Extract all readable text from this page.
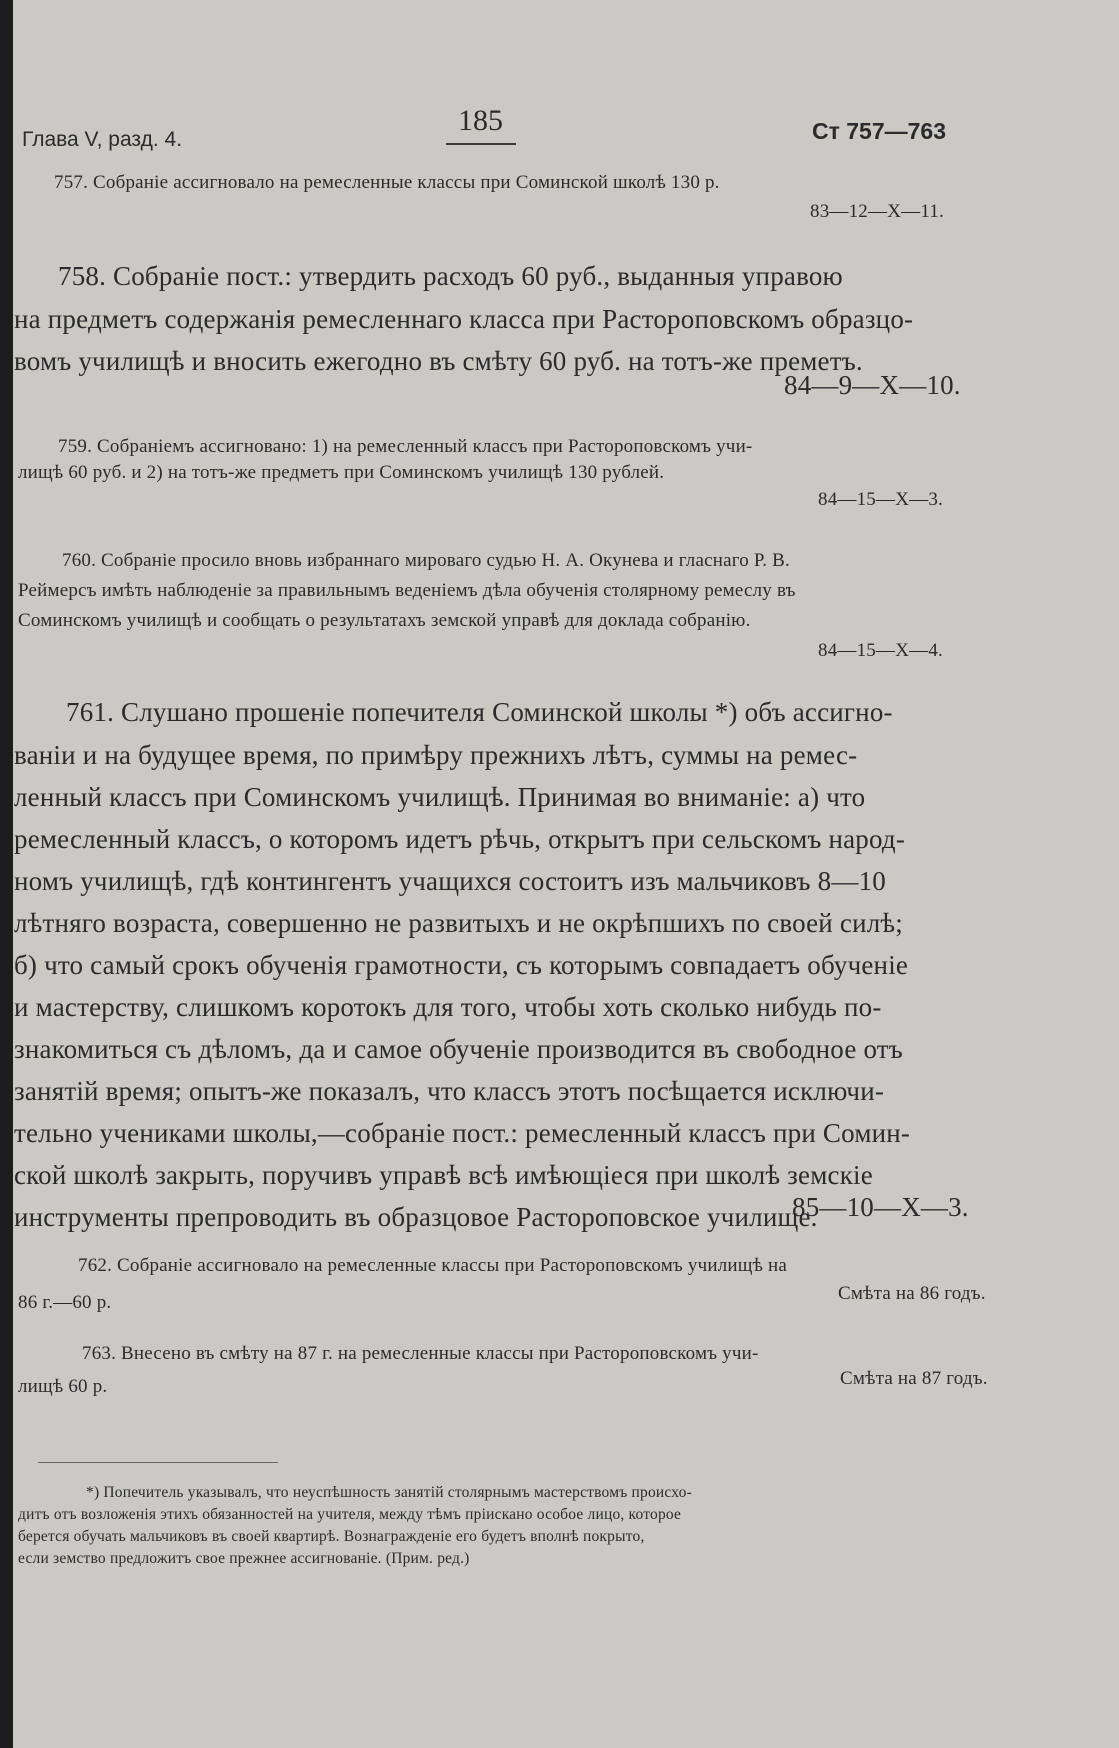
Глава V, разд. 4.
185	Ст 757—763
757. Собраніе ассигновало на ремесленные классы при Соминской школѣ 130 р.
83—12—X—11.
758. Собраніе пост.: утвердить расходъ 60 руб., выданныя управою
на предметъ содержанія ремесленнаго класса при Растороповскомъ образцо-
вомъ училищѣ и вносить ежегодно въ смѣту 60 руб. на тотъ-же преметъ.
84—9—X—10.
759. Собраніемъ ассигновано: 1) на ремесленный классъ при Растороповскомъ учи-
лищѣ 60 руб. и 2) на тотъ-же предметъ при Соминскомъ училищѣ 130 рублей.
84—15—X—3.
760. Собраніе просило вновь избраннаго мироваго судью Н. А. Окунева и гласнаго Р. В.
Реймерсъ имѣть наблюденіе за правильнымъ веденіемъ дѣла обученія столярному ремеслу въ
Соминскомъ училищѣ и сообщать о результатахъ земской управѣ для доклада собранію.
84—15—X—4.
761. Слушано прошеніе попечителя Соминской школы *) объ ассигно-
ваніи и на будущее время, по примѣру прежнихъ лѣтъ, суммы на ремес-
ленный классъ при Соминскомъ училищѣ. Принимая во вниманіе: а) что
ремесленный классъ, о которомъ идетъ рѣчь, открытъ при сельскомъ народ-
номъ училищѣ, гдѣ контингентъ учащихся состоитъ изъ мальчиковъ 8—10
лѣтняго возраста, совершенно не развитыхъ и не окрѣпшихъ по своей силѣ;
б) что самый срокъ обученія грамотности, съ которымъ совпадаетъ обученіе
и мастерству, слишкомъ коротокъ для того, чтобы хоть сколько нибудь по-
знакомиться съ дѣломъ, да и самое обученіе производится въ свободное отъ
занятій время; опытъ-же показалъ, что классъ этотъ посѣщается исключи-
тельно учениками школы,—собраніе пост.: ремесленный классъ при Сомин-
ской школѣ закрыть, поручивъ управѣ всѣ имѣющіеся при школѣ земскіе
инструменты препроводить въ образцовое Растороповское училище.
85—10—X—3.
762. Собраніе ассигновало на ремесленные классы при Растороповскомъ училищѣ на
86 г.—60 р.	Смѣта на 86 годъ.
763. Внесено въ смѣту на 87 г. на ремесленные классы при Растороповскомъ учи-
лищѣ 60 р.	Смѣта на 87 годъ.
*) Попечитель указывалъ, что неуспѣшность занятій столярнымъ мастерствомъ происхо-
дитъ отъ возложенія этихъ обязанностей на учителя, между тѣмъ пріискано особое лицо, которое
берется обучать мальчиковъ въ своей квартирѣ. Вознагражденіе его будетъ вполнѣ покрыто,
если земство предложитъ свое прежнее ассигнованіе. (Прим. ред.)
